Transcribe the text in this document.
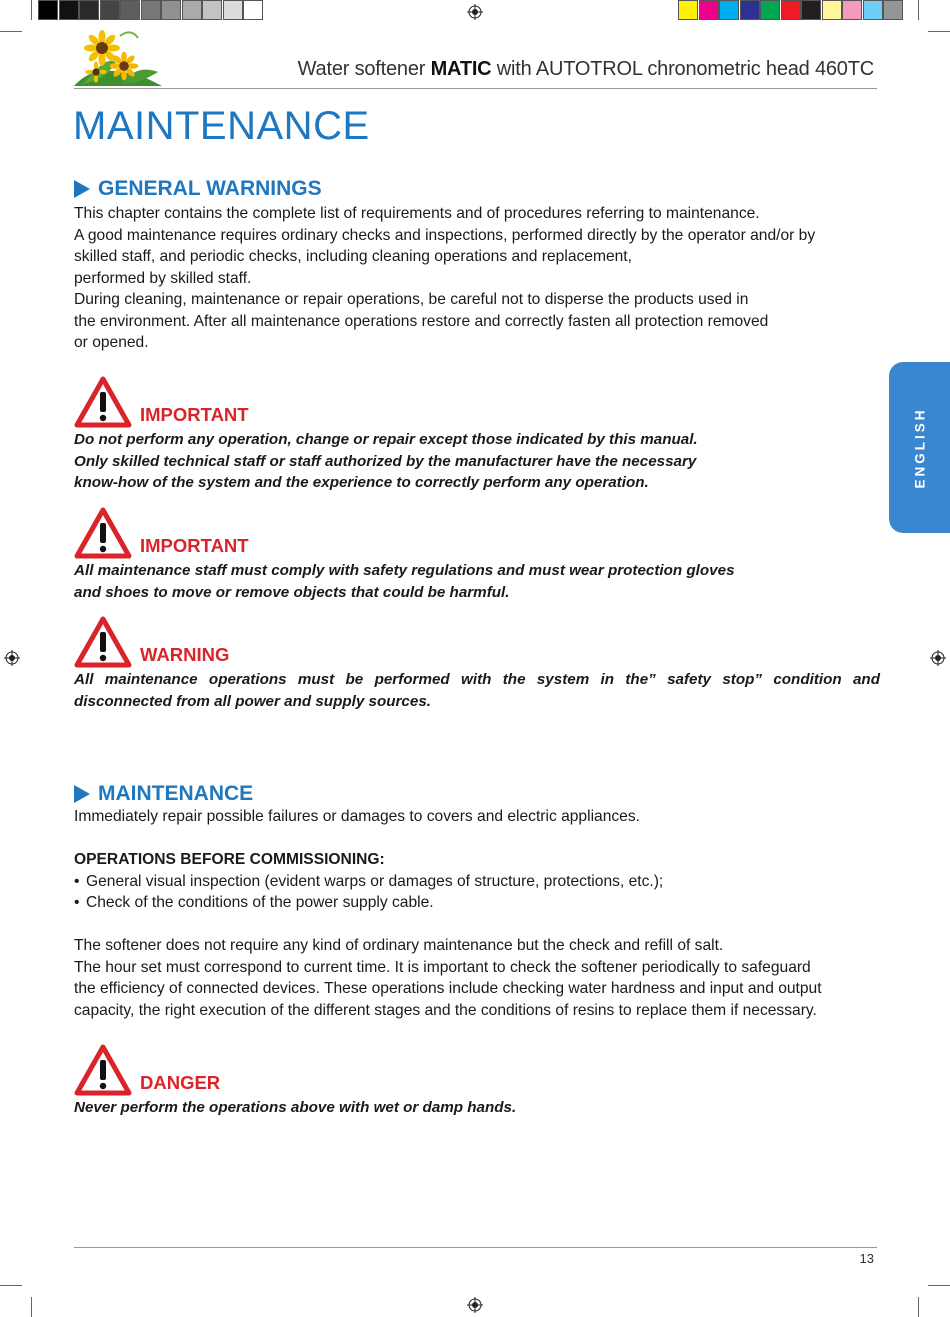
Water softener MATIC with AUTOTROL chronometric head 460TC
MAINTENANCE
GENERAL WARNINGS

This chapter contains the complete list of requirements and of procedures referring to maintenance.

A good maintenance requires ordinary checks and inspections, performed directly by the operator and/or by

skilled staff, and periodic checks, including cleaning operations and replacement,

performed by skilled staff.

During cleaning, maintenance or repair operations, be careful not to disperse the products used in

the environment. After all maintenance operations restore and correctly fasten all protection removed

or opened.

IMPORTANT

Do not perform any operation, change or repair except those indicated by this manual.

Only skilled technical staff or staff authorized by the manufacturer have the necessary

know-how of the system and the experience to correctly perform any operation.

IMPORTANT

All maintenance staff must comply with safety regulations and must wear protection gloves

and shoes to move or remove objects that could be harmful.

WARNING
All maintenance operations must be performed with the system in the” safety stop” condition and disconnected from all power and supply sources.
MAINTENANCE

Immediately repair possible failures or damages to covers and electric appliances.

OPERATIONS BEFORE COMMISSIONING:

• General visual inspection (evident warps or damages of structure, protections, etc.);
• Check of the conditions of the power supply cable.

The softener does not require any kind of ordinary maintenance but the check and refill of salt.

The hour set must correspond to current time. It is important to check the softener periodically to safeguard

the efficiency of connected devices. These operations include checking water hardness and input and output

capacity, the right execution of the different stages and the conditions of resins to replace them if necessary.

DANGER
Never perform the operations above with wet or damp hands.
ENGLISH
13
